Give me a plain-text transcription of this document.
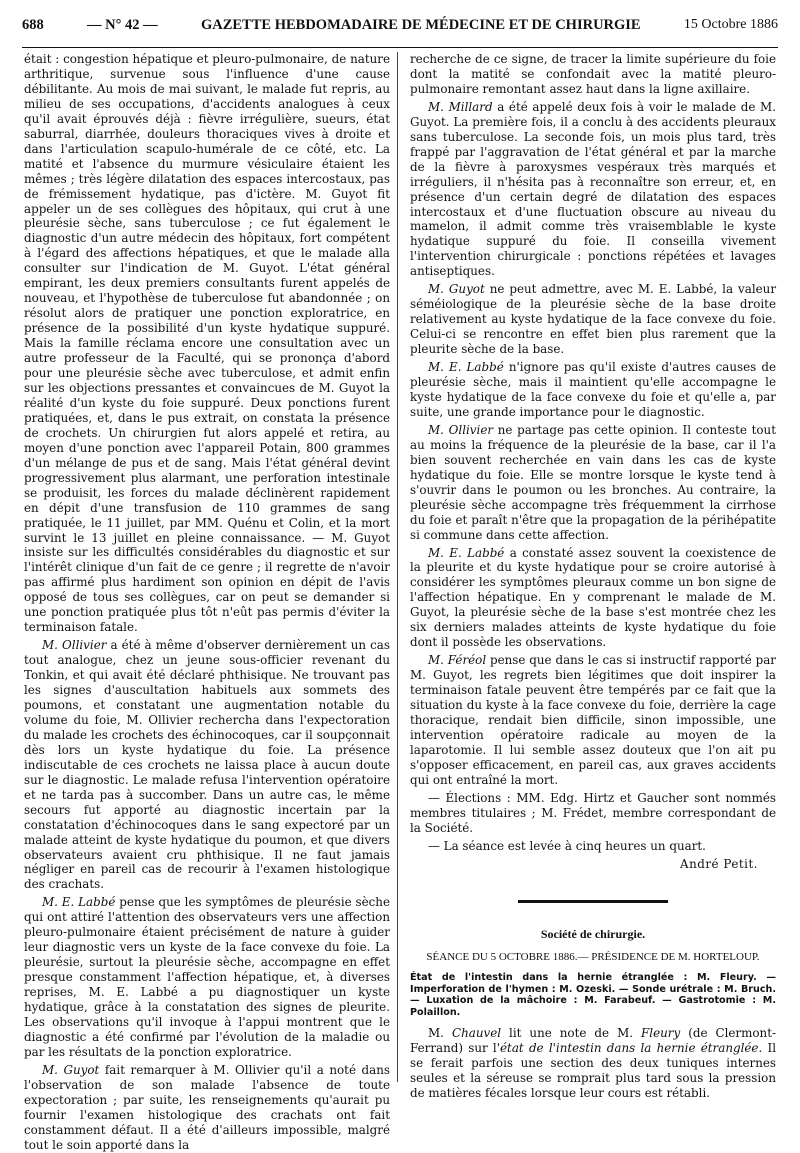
688	— N° 42 —	GAZETTE HEBDOMADAIRE DE MÉDECINE ET DE CHIRURGIE	15 Octobre 1886

était : congestion hépatique et pleuro-pulmonaire, de nature arthritique, survenue sous l'influence d'une cause débilitante. Au mois de mai suivant, le malade fut repris, au milieu de ses occupations, d'accidents analogues à ceux qu'il avait éprouvés déjà : fièvre irrégulière, sueurs, état saburral, diarrhée, douleurs thoraciques vives à droite et dans l'articulation scapulo-humérale de ce côté, etc. La matité et l'absence du murmure vésiculaire étaient les mêmes ; très légère dilatation des espaces intercostaux, pas de frémissement hydatique, pas d'ictère. M. Guyot fit appeler un de ses collègues des hôpitaux, qui crut à une pleurésie sèche, sans tuberculose ; ce fut également le diagnostic d'un autre médecin des hôpitaux, fort compétent à l'égard des affections hépatiques, et que le malade alla consulter sur l'indication de M. Guyot. L'état général empirant, les deux premiers consultants furent appelés de nouveau, et l'hypothèse de tuberculose fut abandonnée ; on résolut alors de pratiquer une ponction exploratrice, en présence de la possibilité d'un kyste hydatique suppuré. Mais la famille réclama encore une consultation avec un autre professeur de la Faculté, qui se prononça d'abord pour une pleurésie sèche avec tuberculose, et admit enfin sur les objections pressantes et convaincues de M. Guyot la réalité d'un kyste du foie suppuré. Deux ponctions furent pratiquées, et, dans le pus extrait, on constata la présence de crochets. Un chirurgien fut alors appelé et retira, au moyen d'une ponction avec l'appareil Potain, 800 grammes d'un mélange de pus et de sang. Mais l'état général devint progressivement plus alarmant, une perforation intestinale se produisit, les forces du malade déclinèrent rapidement en dépit d'une transfusion de 110 grammes de sang pratiquée, le 11 juillet, par MM. Quénu et Colin, et la mort survint le 13 juillet en pleine connaissance. — M. Guyot insiste sur les difficultés considérables du diagnostic et sur l'intérêt clinique d'un fait de ce genre ; il regrette de n'avoir pas affirmé plus hardiment son opinion en dépit de l'avis opposé de tous ses collègues, car on peut se demander si une ponction pratiquée plus tôt n'eût pas permis d'éviter la terminaison fatale.

M. Ollivier a été à même d'observer dernièrement un cas tout analogue, chez un jeune sous-officier revenant du Tonkin, et qui avait été déclaré phthisique. Ne trouvant pas les signes d'auscultation habituels aux sommets des poumons, et constatant une augmentation notable du volume du foie, M. Ollivier rechercha dans l'expectoration du malade les crochets des échinocoques, car il soupçonnait dès lors un kyste hydatique du foie. La présence indiscutable de ces crochets ne laissa place à aucun doute sur le diagnostic. Le malade refusa l'intervention opératoire et ne tarda pas à succomber. Dans un autre cas, le même secours fut apporté au diagnostic incertain par la constatation d'échinocoques dans le sang expectoré par un malade atteint de kyste hydatique du poumon, et que divers observateurs avaient cru phthisique. Il ne faut jamais négliger en pareil cas de recourir à l'examen histologique des crachats.

M. E. Labbé pense que les symptômes de pleurésie sèche qui ont attiré l'attention des observateurs vers une affection pleuro-pulmonaire étaient précisément de nature à guider leur diagnostic vers un kyste de la face convexe du foie. La pleurésie, surtout la pleurésie sèche, accompagne en effet presque constamment l'affection hépatique, et, à diverses reprises, M. E. Labbé a pu diagnostiquer un kyste hydatique, grâce à la constatation des signes de pleurite. Les observations qu'il invoque à l'appui montrent que le diagnostic a été confirmé par l'évolution de la maladie ou par les résultats de la ponction exploratrice.

M. Guyot fait remarquer à M. Ollivier qu'il a noté dans l'observation de son malade l'absence de toute expectoration ; par suite, les renseignements qu'aurait pu fournir l'examen histologique des crachats ont fait constamment défaut. Il a été d'ailleurs impossible, malgré tout le soin apporté dans la

recherche de ce signe, de tracer la limite supérieure du foie dont la matité se confondait avec la matité pleuro-pulmonaire remontant assez haut dans la ligne axillaire.

M. Millard a été appelé deux fois à voir le malade de M. Guyot. La première fois, il a conclu à des accidents pleuraux sans tuberculose. La seconde fois, un mois plus tard, très frappé par l'aggravation de l'état général et par la marche de la fièvre à paroxysmes vespéraux très marqués et irréguliers, il n'hésita pas à reconnaître son erreur, et, en présence d'un certain degré de dilatation des espaces intercostaux et d'une fluctuation obscure au niveau du mamelon, il admit comme très vraisemblable le kyste hydatique suppuré du foie. Il conseilla vivement l'intervention chirurgicale : ponctions répétées et lavages antiseptiques.

M. Guyot ne peut admettre, avec M. E. Labbé, la valeur séméiologique de la pleurésie sèche de la base droite relativement au kyste hydatique de la face convexe du foie. Celui-ci se rencontre en effet bien plus rarement que la pleurite sèche de la base.

M. E. Labbé n'ignore pas qu'il existe d'autres causes de pleurésie sèche, mais il maintient qu'elle accompagne le kyste hydatique de la face convexe du foie et qu'elle a, par suite, une grande importance pour le diagnostic.

M. Ollivier ne partage pas cette opinion. Il conteste tout au moins la fréquence de la pleurésie de la base, car il l'a bien souvent recherchée en vain dans les cas de kyste hydatique du foie. Elle se montre lorsque le kyste tend à s'ouvrir dans le poumon ou les bronches. Au contraire, la pleurésie sèche accompagne très fréquemment la cirrhose du foie et paraît n'être que la propagation de la périhépatite si commune dans cette affection.

M. E. Labbé a constaté assez souvent la coexistence de la pleurite et du kyste hydatique pour se croire autorisé à considérer les symptômes pleuraux comme un bon signe de l'affection hépatique. En y comprenant le malade de M. Guyot, la pleurésie sèche de la base s'est montrée chez les six derniers malades atteints de kyste hydatique du foie dont il possède les observations.

M. Féréol pense que dans le cas si instructif rapporté par M. Guyot, les regrets bien légitimes que doit inspirer la terminaison fatale peuvent être tempérés par ce fait que la situation du kyste à la face convexe du foie, derrière la cage thoracique, rendait bien difficile, sinon impossible, une intervention opératoire radicale au moyen de la laparotomie. Il lui semble assez douteux que l'on ait pu s'opposer efficacement, en pareil cas, aux graves accidents qui ont entraîné la mort.

— Élections : MM. Edg. Hirtz et Gaucher sont nommés membres titulaires ; M. Frédet, membre correspondant de la Société.

— La séance est levée à cinq heures un quart.

André Petit.
Société de chirurgie.
SÉANCE DU 5 OCTOBRE 1886.— PRÉSIDENCE DE M. HORTELOUP.
État de l'intestin dans la hernie étranglée : M. Fleury. — Imperforation de l'hymen : M. Ozeski. — Sonde urétrale : M. Bruch. — Luxation de la mâchoire : M. Farabeuf. — Gastrotomie : M. Polaillon.

M. Chauvel lit une note de M. Fleury (de Clermont-Ferrand) sur l'état de l'intestin dans la hernie étranglée. Il se ferait parfois une section des deux tuniques internes seules et la séreuse se romprait plus tard sous la pression de matières fécales lorsque leur cours est rétabli.
